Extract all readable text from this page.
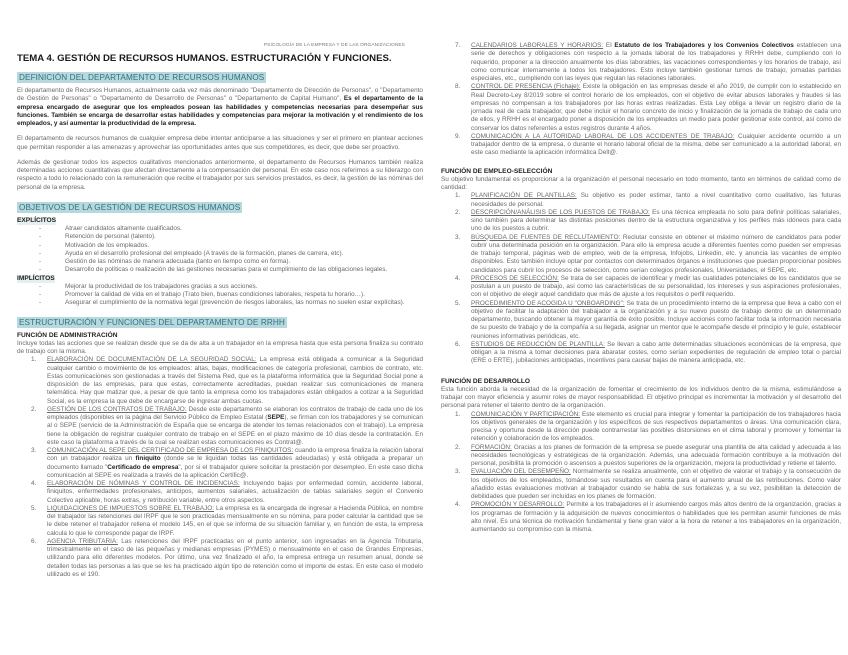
PSICOLOGÍA DE LA EMPRESA Y DE LAS ORGANIZACIONES
TEMA 4. GESTIÓN DE RECURSOS HUMANOS. ESTRUCTURACIÓN Y FUNCIONES.
DEFINICIÓN DEL DEPARTAMENTO DE RECURSOS HUMANOS

El departamento de Recursos Humanos, actualmente cada vez más denominado "Departamento de Dirección de Personas", o "Departamento de Gestión de Personas" o "Departamento de Desarrollo de Personas" o "Departamento de Capital Humano", Es el departamento de la empresa encargado de asegurar que los empleados posean las habilidades y competencias necesarias para desempeñar sus funciones. También se encarga de desarrollar estas habilidades y competencias para mejorar la motivación y el rendimiento de los empleados, y así aumentar la productividad de la empresa.

El departamento de recursos humanos de cualquier empresa debe intentar anticiparse a las situaciones y ser el primero en plantear acciones que permitan responder a las amenazas y aprovechar las oportunidades antes que sus competidores, es decir, que debe ser proactivo.

Además de gestionar todos los aspectos cualitativos mencionados anteriormente, el departamento de Recursos Humanos también realiza determinadas acciones cuantitativas que afectan directamente a la compensación del personal. En este caso nos referimos a su liderazgo con respecto a todo lo relacionado con la remuneración que recibe el trabajador por sus servicios prestados, es decir, la gestión de las nóminas del personal de la empresa.

OBJETIVOS DE LA GESTIÓN DE RECURSOS HUMANOS
EXPLÍCITOS
- Atraer candidatos altamente cualificados.
- Retención de personal (talento).
- Motivación de los empleados.
- Ayuda en el desarrollo profesional del empleado (A través de la formación, planes de carrera, etc).
- Gestión de las nóminas de manera adecuada (tanto en tiempo como en forma).
- Desarrollo de políticas o realización de las gestiones necesarias para el cumplimiento de las obligaciones legales.
IMPLÍCITOS
- Mejorar la productividad de los trabajadores gracias a sus acciones.
- Promover la calidad de vida en el trabajo (Trato bien, buenas condiciones laborales, respeta tu horario…).
- Asegurar el cumplimiento de la normativa legal (prevención de riesgos laborales, las normas no suelen estar explícitas).
ESTRUCTURACIÓN Y FUNCIONES DEL DEPARTAMENTO DE RRHH
FUNCIÓN DE ADMINISTRACIÓN
Incluye todas las acciones que se realizan desde que se da de alta a un trabajador en la empresa hasta que esta persona finaliza su contrato de trabajo con la misma.
1. ELABORACIÓN DE DOCUMENTACIÓN DE LA SEGURIDAD SOCIAL: La empresa está obligada a comunicar a la Seguridad cualquier cambio o movimiento de los empleados: altas, bajas, modificaciones de categoría profesional, cambios de contrato, etc. Estas comunicaciones son gestionadas a través del Sistema Red, que es la plataforma informática que la Seguridad Social pone a disposición de las empresas, para que estas, correctamente acreditadas, puedan realizar sus comunicaciones de manera telemática. Hay que matizar que, a pesar de que tanto la empresa como los trabajadores están obligados a cotizar a la Seguridad Social, es la empresa la que debe de encargarse de ingresar ambas cuotas.
2. GESTIÓN DE LOS CONTRATOS DE TRABAJO: Desde este departamento se elaboran los contratos de trabajo de cada uno de los empleados (disponibles en la página del Servicio Público de Empleo Estatal (SEPE), se firman con los trabajadores y se comunican al o SEPE (servicio de la Administración de España que se encarga de atender los temas relacionados con el trabajo). La empresa tiene la obligación de registrar cualquier contrato de trabajo en el SEPE en el plazo máximo de 10 días desde la contratación. En este caso la plataforma a través de la cual se realizan estas comunicaciones es Contrat@.
3. COMUNICACIÓN AL SEPE DEL CERTIFICADO DE EMPRESA DE LOS FINIQUITOS: cuando la empresa finaliza la relación laboral con un trabajador realiza un finiquito (donde se le liquidan todas las cantidades adeudadas) y está obligada a preparar un documento llamado "Certificado de empresa", por si el trabajador quiere solicitar la prestación por desempleo. En este caso dicha comunicación al SEPE es realizada a través de la aplicación Certific@.
4. ELABORACIÓN DE NÓMINAS Y CONTROL DE INCIDENCIAS: Incluyendo bajas por enfermedad común, accidente laboral, finiquitos, enfermedades profesionales, anticipos, aumentos salariales, actualización de tablas salariales según el Convenio Colectivo aplicable, horas extras, y retribución variable, entre otros aspectos.
5. LIQUIDACIONES DE IMPUESTOS SOBRE EL TRABAJO: La empresa es la encargada de ingresar a Hacienda Pública, en nombre del trabajador las retenciones del IRPF que le son practicadas mensualmente en su nómina, para poder calcular la cantidad que se le debe retener el trabajador rellena el modelo 145, en el que se informa de su situación familiar y, en función de esta, la empresa calcula lo que le corresponde pagar de IRPF.
6. AGENCIA TRIBUTARIA: Las retenciones del IRPF practicadas en el punto anterior, son ingresadas en la Agencia Tributaria, trimestralmente en el caso de las pequeñas y medianas empresas (PYMES) o mensualmente en el caso de Grandes Empresas, utilizando para ello diferentes modelos. Por último, una vez finalizado el año, la empresa entrega un resumen anual, donde se detallen todas las personas a las que se les ha practicado algún tipo de retención como el importe de estas. En este caso el modelo utilizado es el 190.
7. CALENDARIOS LABORALES Y HORARIOS: El Estatuto de los Trabajadores y los Convenios Colectivos establecen una serie de derechos y obligaciones con respecto a la jornada laboral de los trabajadores y RRHH debe, cumpliendo con lo requerido, proponer a la dirección anualmente los días laborables, las vacaciones correspondientes y los horarios de trabajo, así como comunicar internamente a todos los trabajadores. Esto incluye también gestionar turnos de trabajo, jornadas partidas especiales, etc., cumpliendo con las leyes que regulan las relaciones laborales.
8. CONTROL DE PRESENCIA (Fichaje): Existe la obligación en las empresas desde el año 2019, de cumplir con lo establecido en Real Decreto-Ley 8/2019 sobre el control horario de los empleados, con el objetivo de evitar abusos laborales y fraudes si las empresas no compensan a los trabajadores por las horas extras realizadas. Esta Ley obliga a llevar un registro diario de la jornada real de cada trabajador, que debe incluir el horario concreto de inicio y finalización de la jornada de trabajo de cada uno de ellos, y RRHH es el encargado poner a disposición de los empleados un medio para poder gestionar este control, así como de conservar los datos referentes a estos registros durante 4 años.
9. COMUNICACIÓN A LA AUTORIDAD LABORAL DE LOS ACCIDENTES DE TRABAJO: Cualquier accidente ocurrido a un trabajador dentro de la empresa, o durante el horario laboral oficial de la misma, debe ser comunicado a la autoridad laboral, en este caso mediante la aplicación informática Delt@.
FUNCIÓN DE EMPLEO-SELECCIÓN
Su objetivo fundamental es proporcionar a la organización el personal necesario en todo momento, tanto en términos de calidad como de cantidad:
1. PLANIFICACIÓN DE PLANTILLAS: Su objetivo es poder estimar, tanto a nivel cuantitativo como cualitativo, las futuras necesidades de personal.
2. DESCRIPCIÓN/ANÁLISIS DE LOS PUESTOS DE TRABAJO: Es una técnica empleada no solo para definir políticas salariales, sino también para determinar las distintas posiciones dentro de la estructura organizativa y los perfiles más idóneos para cada uno de los puestos a cubrir.
3. BÚSQUEDA DE FUENTES DE RECLUTAMIENTO: Reclutar consiste en obtener el máximo número de candidatos para poder cubrir una determinada posición en la organización. Para ello la empresa acude a diferentes fuentes como pueden ser empresas de trabajo temporal, páginas web de empleo, web de la empresa, Infojobs, Linkedin, etc. y anuncia las vacantes de empleo disponibles. Esto también incluye optar por contactos con determinados órganos e instituciones que puedan proporcionar posibles candidatos para cubrir los procesos de selección, como serían colegios profesionales, Universidades, el SEPE, etc.
4. PROCESOS DE SELECCIÓN: Se trata de ser capaces de identificar y medir las cualidades potenciales de los candidatos que se postulan a un puesto de trabajo, así como las características de su personalidad, los intereses y sus aspiraciones profesionales, con el objetivo de elegir aquel candidato que más de ajuste a los requisitos o perfil requerido.
5. PROCEDIMIENTO DE ACOGIDA U "ONBOARDING": Se trata de un procedimiento interno de la empresa que lleva a cabo con el objetivo de facilitar la adaptación del trabajador a la organización y a su nuevo puesto de trabajo dentro de un determinado departamento, buscando obtener la mayor garantía de éxito posible. Incluye acciones como facilitar toda la información necesaria de su puesto de trabajo y de la compañía a su llegada, asignar un mentor que le acompañe desde el principio y le guíe, establecer reuniones informativas periódicas, etc.
6. ESTUDIOS DE REDUCCIÓN DE PLANTILLA: Se llevan a cabo ante determinadas situaciones económicas de la empresa, que obligan a la misma a tomar decisiones para abaratar costes, como serían expedientes de regulación de empleo total o parcial (ERE o ERTE), jubilaciones anticipadas, incentivos para causar bajas de manera anticipada, etc.
FUNCIÓN DE DESARROLLO
Esta función aborda la necesidad de la organización de fomentar el crecimiento de los individuos dentro de la misma, estimulándose a trabajar con mayor eficiencia y asumir roles de mayor responsabilidad. El objetivo principal es incrementar la motivación y el desarrollo del personal para retener el talento dentro de la organización.
1. COMUNICACIÓN Y PARTICIPACIÓN: Este elemento es crucial para integrar y fomentar la participación de los trabajadores hacia los objetivos generales de la organización y los específicos de sus respectivos departamentos o áreas. Una comunicación clara, precisa y oportuna desde la dirección puede contrarrestar las posibles distorsiones en el clima laboral y promover y fomentar la retención y colaboración de los empleados.
2. FORMACIÓN: Gracias a los planes de formación de la empresa se puede asegurar una plantilla de alta calidad y adecuada a las necesidades tecnológicas y estratégicas de la organización. Además, una adecuada formación contribuye a la motivación del personal, posibilita la promoción o ascensos a puestos superiores de la organización, mejora la productividad y retiene el talento.
3. EVALUACIÓN DEL DESEMPEÑO: Normalmente se realiza anualmente, con el objetivo de valorar el trabajo y la consecución de los objetivos de los empleados, tomándose sus resultados en cuenta para el aumento anual de las retribuciones. Como valor añadido estas evaluaciones motivan al trabajador cuando se habla de sus fortalezas y, a su vez, posibilitan la detección de debilidades que pueden ser incluidas en los planes de formación.
4. PROMOCIÓN Y DESARROLLO: Permite a los trabajadores el ir asumiendo cargos más altos dentro de la organización, gracias a los programas de formación y la adquisición de nuevos conocimientos o habilidades que les permitan asumir funciones de más alto nivel. Es una técnica de motivación fundamental y tiene gran valor a la hora de retener a los trabajadores en la organización, aumentando su compromiso con la misma.
